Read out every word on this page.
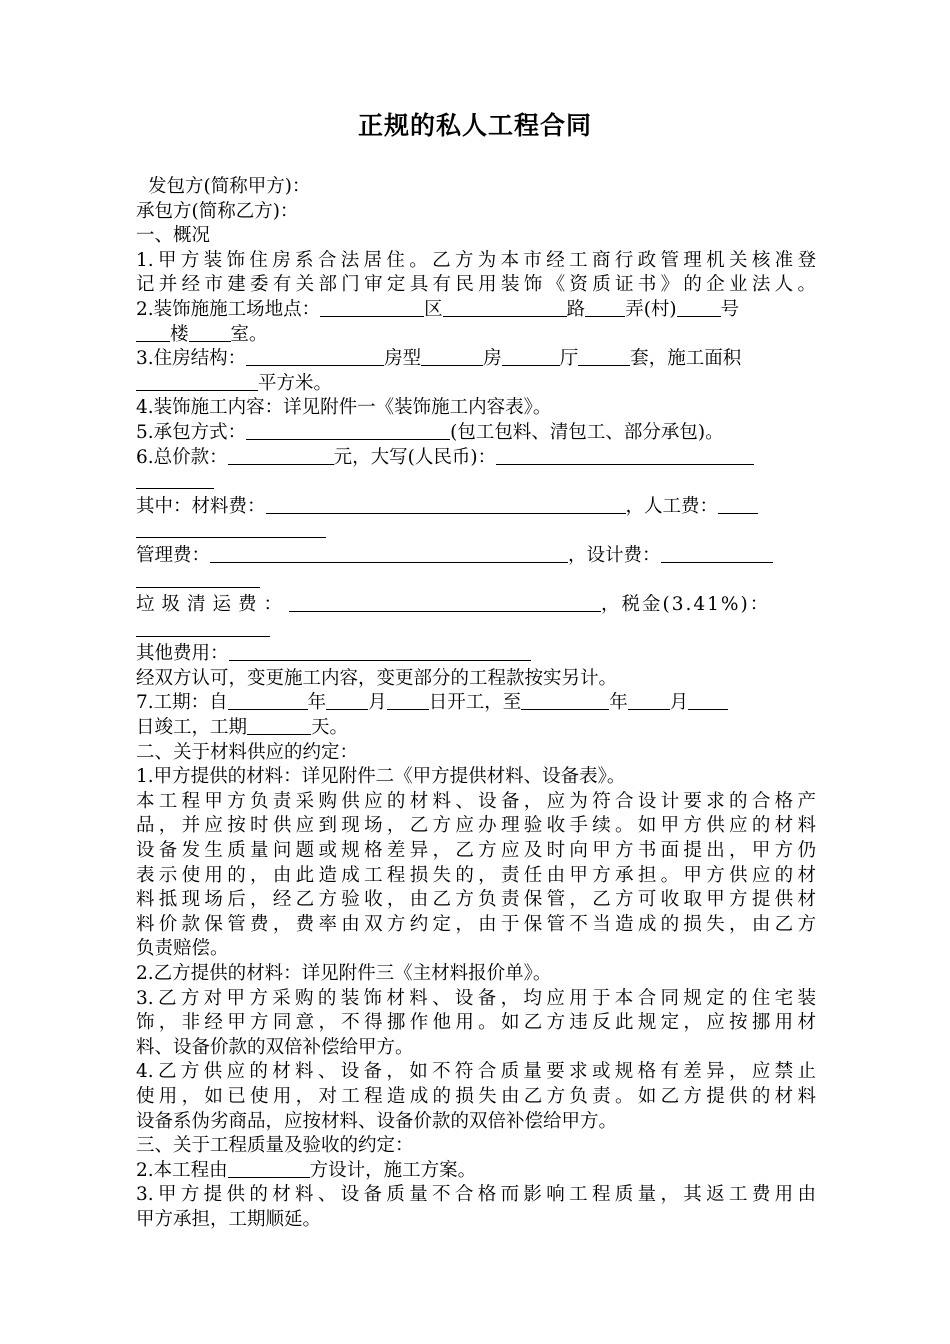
正规的私人工程合同
发包方(简称甲方)：
承包方(简称乙方)：
一、概况
1.甲方装饰住房系合法居住。乙方为本市经工商行政管理机关核准登
记并经市建委有关部门审定具有民用装饰《资质证书》的企业法人。
2.装饰施施工场地点：	区	路 弄(村) 号
楼 室。
3.住房结构：	房型	房	厅	套，施工面积
平方米。
4.装饰施工内容：详见附件一《装饰施工内容表》。
5.承包方式：	(包工包料、清包工、部分承包)。
6.总价款：	元，大写(人民币)：
其中：材料费：	，人工费：
管理费：	，设计费：
垃圾清运费：	，税金(3.41%)：
其他费用：
经双方认可，变更施工内容，变更部分的工程款按实另计。
7.工期：自	年 月 日开工，至	年 月
日竣工，工期	天。
二、关于材料供应的约定：
1.甲方提供的材料：详见附件二《甲方提供材料、设备表》。
本工程甲方负责采购供应的材料、设备，应为符合设计要求的合格产
品，并应按时供应到现场，乙方应办理验收手续。如甲方供应的材料
设备发生质量问题或规格差异，乙方应及时向甲方书面提出，甲方仍
表示使用的，由此造成工程损失的，责任由甲方承担。甲方供应的材
料抵现场后，经乙方验收，由乙方负责保管，乙方可收取甲方提供材
料价款保管费，费率由双方约定，由于保管不当造成的损失，由乙方
负责赔偿。
2.乙方提供的材料：详见附件三《主材料报价单》。
3.乙方对甲方采购的装饰材料、设备，均应用于本合同规定的住宅装
饰，非经甲方同意，不得挪作他用。如乙方违反此规定，应按挪用材
料、设备价款的双倍补偿给甲方。
4.乙方供应的材料、设备，如不符合质量要求或规格有差异，应禁止
使用，如已使用，对工程造成的损失由乙方负责。如乙方提供的材料
设备系伪劣商品，应按材料、设备价款的双倍补偿给甲方。
三、关于工程质量及验收的约定：
2.本工程由	方设计，施工方案。
3.甲方提供的材料、设备质量不合格而影响工程质量，其返工费用由
甲方承担，工期顺延。
